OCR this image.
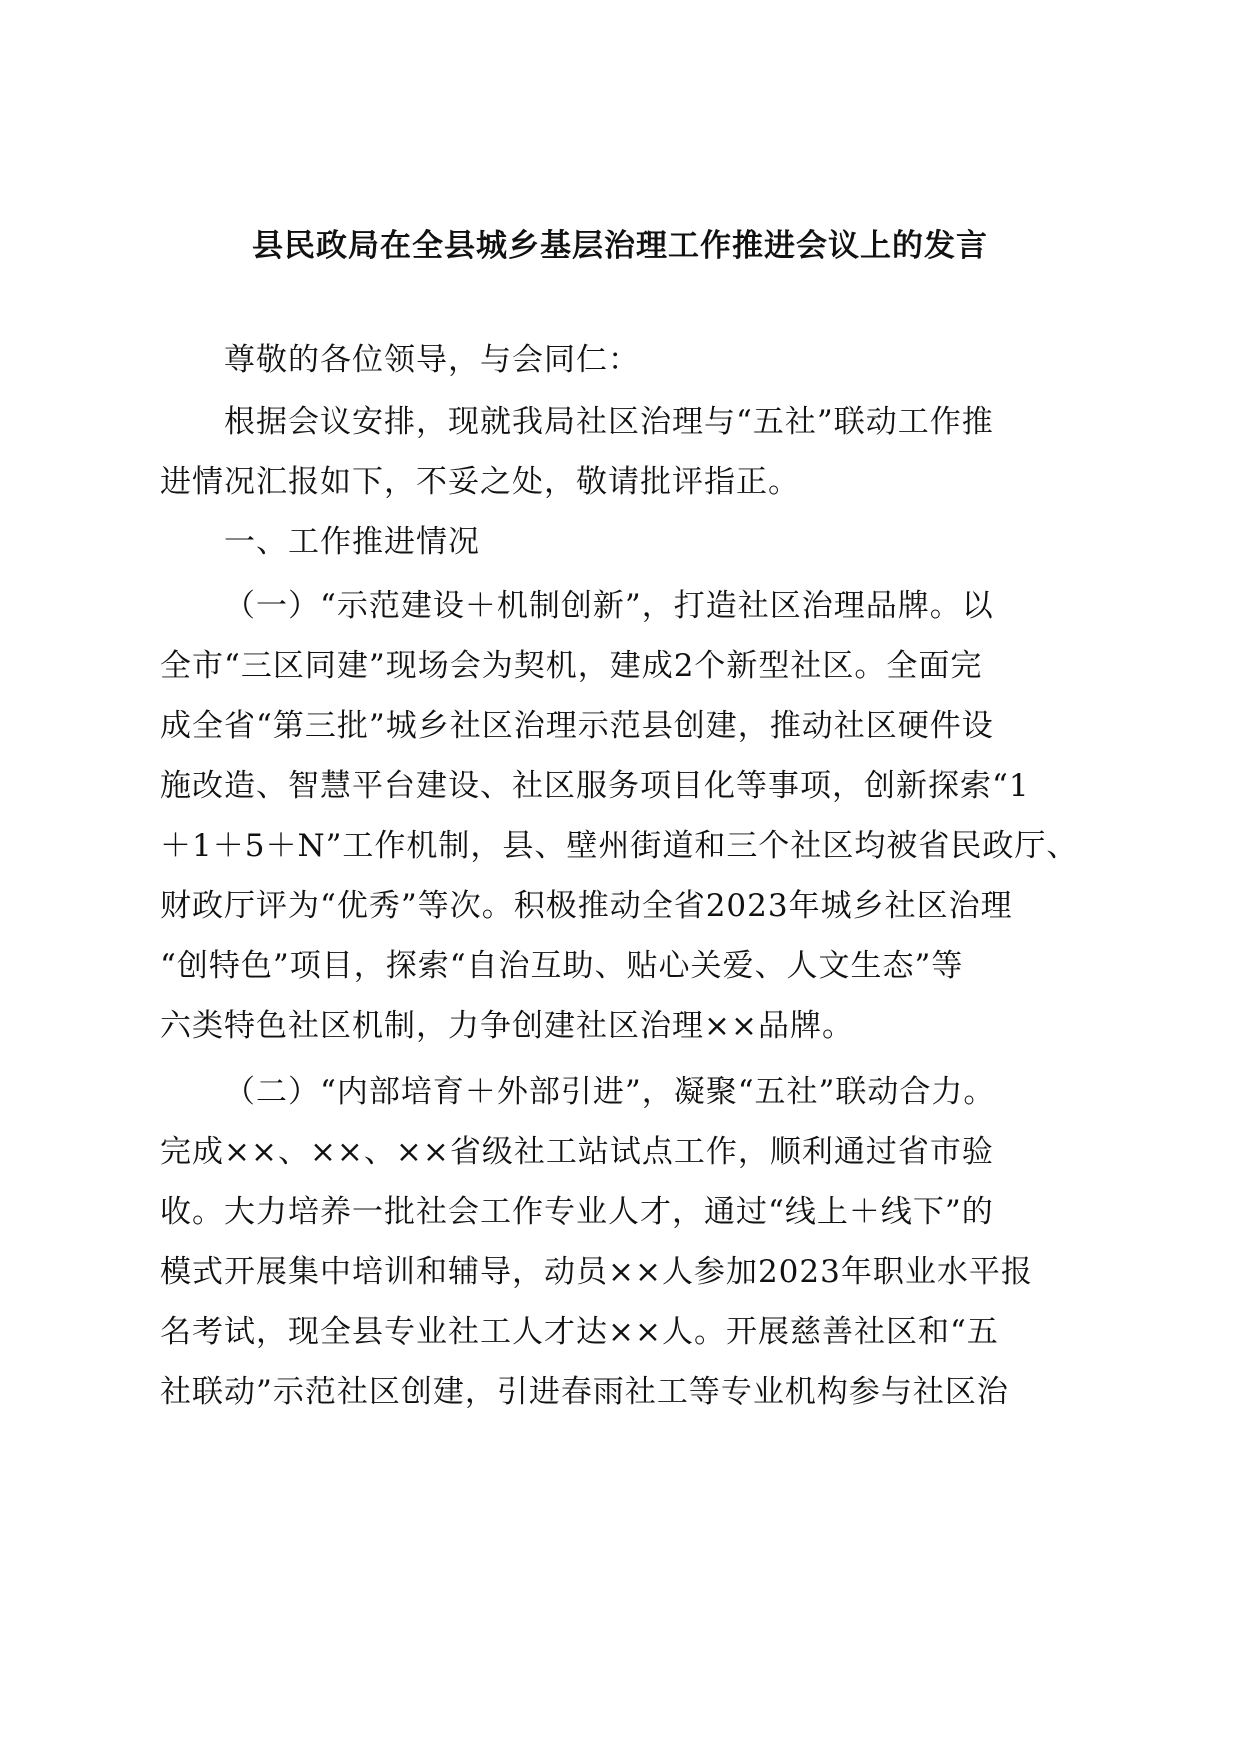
县民政局在全县城乡基层治理工作推进会议上的发言

尊敬的各位领导，与会同仁：

根据会议安排，现就我局社区治理与“五社”联动工作推

进情况汇报如下，不妥之处，敬请批评指正。

一、工作推进情况

（一）“示范建设＋机制创新”，打造社区治理品牌。以

全市“三区同建”现场会为契机，建成2个新型社区。全面完

成全省“第三批”城乡社区治理示范县创建，推动社区硬件设

施改造、智慧平台建设、社区服务项目化等事项，创新探索“1

＋1＋5＋N”工作机制，县、壁州街道和三个社区均被省民政厅、

财政厅评为“优秀”等次。积极推动全省2023年城乡社区治理

“创特色”项目，探索“自治互助、贴心关爱、人文生态”等

六类特色社区机制，力争创建社区治理××品牌。

（二）“内部培育＋外部引进”，凝聚“五社”联动合力。

完成××、××、××省级社工站试点工作，顺利通过省市验

收。大力培养一批社会工作专业人才，通过“线上＋线下”的

模式开展集中培训和辅导，动员××人参加2023年职业水平报

名考试，现全县专业社工人才达××人。开展慈善社区和“五

社联动”示范社区创建，引进春雨社工等专业机构参与社区治
